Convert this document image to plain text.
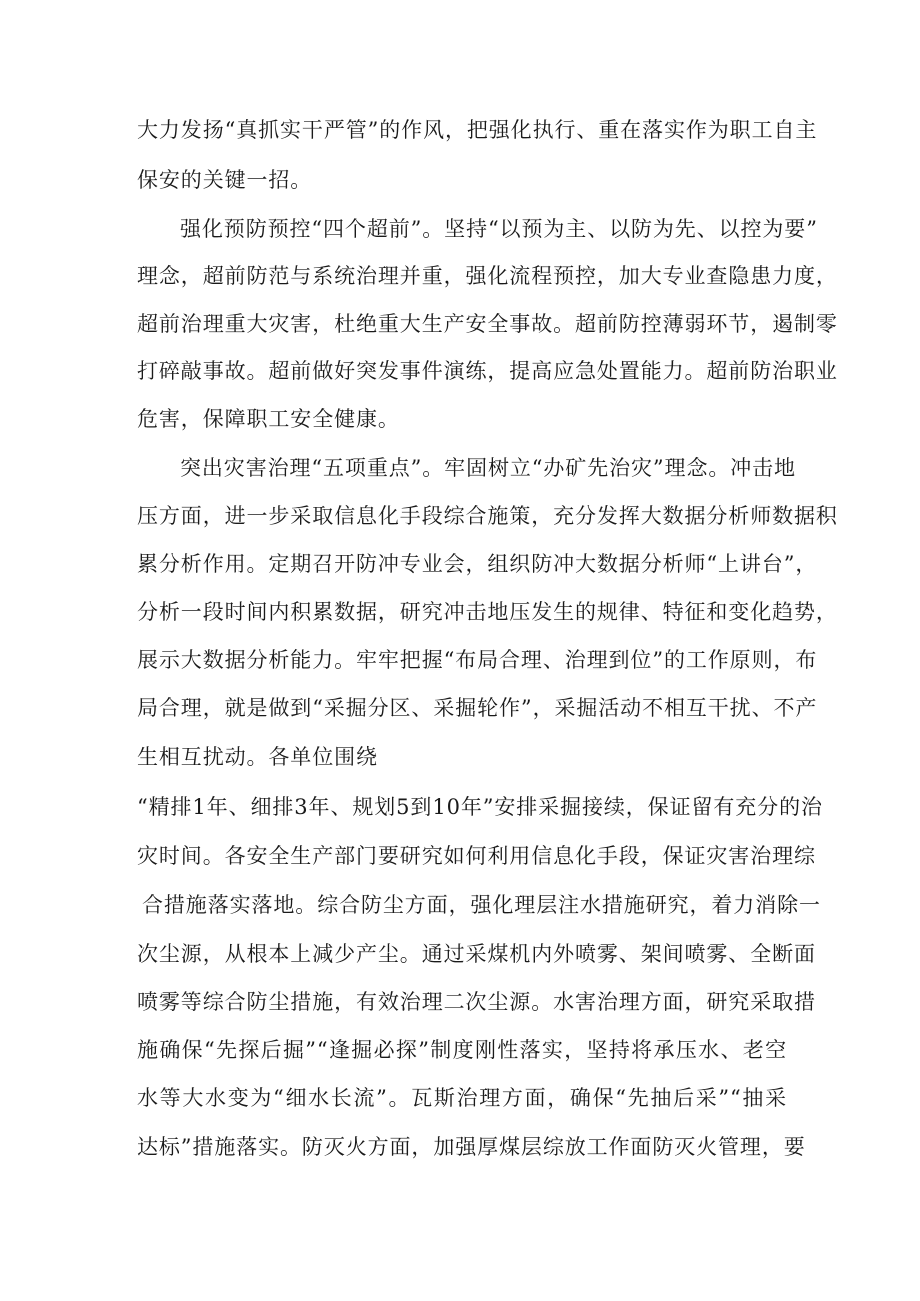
大力发扬“真抓实干严管”的作风，把强化执行、重在落实作为职工自主
保安的关键一招。
强化预防预控“四个超前”。坚持“以预为主、以防为先、以控为要”
理念，超前防范与系统治理并重，强化流程预控，加大专业查隐患力度，
超前治理重大灾害，杜绝重大生产安全事故。超前防控薄弱环节，遏制零
打碎敲事故。超前做好突发事件演练，提高应急处置能力。超前防治职业
危害，保障职工安全健康。
突出灾害治理“五项重点”。牢固树立“办矿先治灾”理念。冲击地
压方面，进一步采取信息化手段综合施策，充分发挥大数据分析师数据积
累分析作用。定期召开防冲专业会，组织防冲大数据分析师“上讲台”，
分析一段时间内积累数据，研究冲击地压发生的规律、特征和变化趋势，
展示大数据分析能力。牢牢把握“布局合理、治理到位”的工作原则，布
局合理，就是做到“采掘分区、采掘轮作”，采掘活动不相互干扰、不产
生相互扰动。各单位围绕
“精排1年、细排3年、规划5到10年”安排采掘接续，保证留有充分的治
灾时间。各安全生产部门要研究如何利用信息化手段，保证灾害治理综
合措施落实落地。综合防尘方面，强化理层注水措施研究，着力消除一
次尘源，从根本上减少产尘。通过采煤机内外喷雾、架间喷雾、全断面
喷雾等综合防尘措施，有效治理二次尘源。水害治理方面，研究采取措
施确保“先探后掘”“逢掘必探”制度刚性落实，坚持将承压水、老空
水等大水变为“细水长流”。瓦斯治理方面，确保“先抽后采”“抽采
达标”措施落实。防灭火方面，加强厚煤层综放工作面防灭火管理，要
